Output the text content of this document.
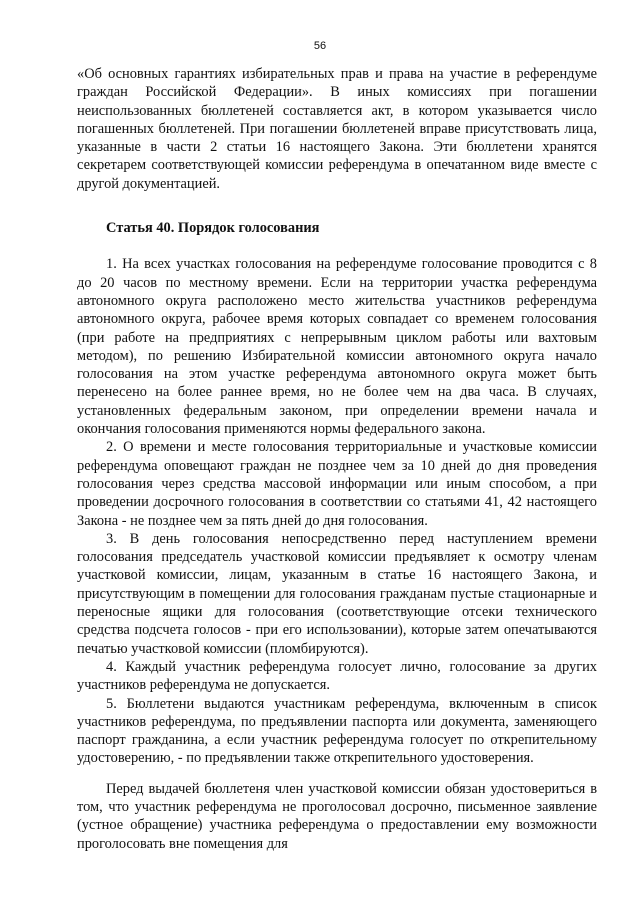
56

«Об основных гарантиях избирательных прав и права на участие в референдуме граждан Российской Федерации». В иных комиссиях при погашении неиспользованных бюллетеней составляется акт, в котором указывается число погашенных бюллетеней. При погашении бюллетеней вправе присутствовать лица, указанные в части 2 статьи 16 настоящего Закона. Эти бюллетени хранятся секретарем соответствующей комиссии референдума в опечатанном виде вместе с другой документацией.

Статья 40. Порядок голосования

1. На всех участках голосования на референдуме голосование проводится с 8 до 20 часов по местному времени. Если на территории участка референдума автономного округа расположено место жительства участников референдума автономного округа, рабочее время которых совпадает со временем голосования (при работе на предприятиях с непрерывным циклом работы или вахтовым методом), по решению Избирательной комиссии автономного округа начало голосования на этом участке референдума автономного округа может быть перенесено на более раннее время, но не более чем на два часа. В случаях, установленных федеральным законом, при определении времени начала и окончания голосования применяются нормы федерального закона.

2. О времени и месте голосования территориальные и участковые комиссии референдума оповещают граждан не позднее чем за 10 дней до дня проведения голосования через средства массовой информации или иным способом, а при проведении досрочного голосования в соответствии со статьями 41, 42 настоящего Закона - не позднее чем за пять дней до дня голосования.

3. В день голосования непосредственно перед наступлением времени голосования председатель участковой комиссии предъявляет к осмотру членам участковой комиссии, лицам, указанным в статье 16 настоящего Закона, и присутствующим в помещении для голосования гражданам пустые стационарные и переносные ящики для голосования (соответствующие отсеки технического средства подсчета голосов - при его использовании), которые затем опечатываются печатью участковой комиссии (пломбируются).

4. Каждый участник референдума голосует лично, голосование за других участников референдума не допускается.

5. Бюллетени выдаются участникам референдума, включенным в список участников референдума, по предъявлении паспорта или документа, заменяющего паспорт гражданина, а если участник референдума голосует по открепительному удостоверению, - по предъявлении также открепительного удостоверения.

Перед выдачей бюллетеня член участковой комиссии обязан удостовериться в том, что участник референдума не проголосовал досрочно, письменное заявление (устное обращение) участника референдума о предоставлении ему возможности проголосовать вне помещения для
